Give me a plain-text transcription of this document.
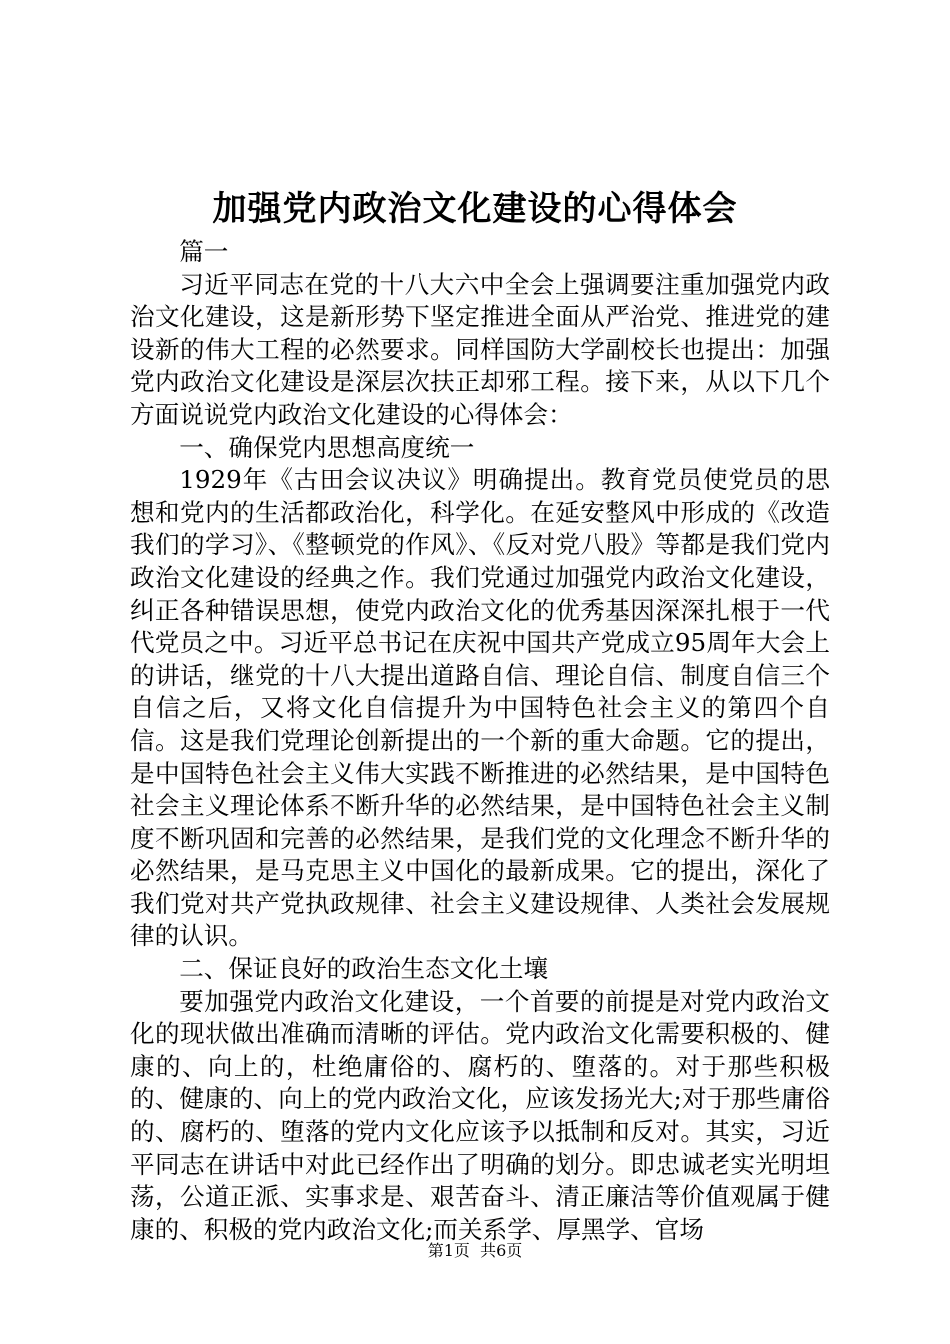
加强党内政治文化建设的心得体会

篇一

习近平同志在党的十八大六中全会上强调要注重加强党内政治文化建设，这是新形势下坚定推进全面从严治党、推进党的建设新的伟大工程的必然要求。同样国防大学副校长也提出：加强党内政治文化建设是深层次扶正却邪工程。接下来，从以下几个方面说说党内政治文化建设的心得体会：

一、确保党内思想高度统一

1929年《古田会议决议》明确提出。教育党员使党员的思想和党内的生活都政治化，科学化。在延安整风中形成的《改造我们的学习》、《整顿党的作风》、《反对党八股》等都是我们党内政治文化建设的经典之作。我们党通过加强党内政治文化建设，纠正各种错误思想，使党内政治文化的优秀基因深深扎根于一代代党员之中。习近平总书记在庆祝中国共产党成立95周年大会上的讲话，继党的十八大提出道路自信、理论自信、制度自信三个自信之后，又将文化自信提升为中国特色社会主义的第四个自信。这是我们党理论创新提出的一个新的重大命题。它的提出，是中国特色社会主义伟大实践不断推进的必然结果，是中国特色社会主义理论体系不断升华的必然结果，是中国特色社会主义制度不断巩固和完善的必然结果，是我们党的文化理念不断升华的必然结果，是马克思主义中国化的最新成果。它的提出，深化了我们党对共产党执政规律、社会主义建设规律、人类社会发展规律的认识。

二、保证良好的政治生态文化土壤

要加强党内政治文化建设，一个首要的前提是对党内政治文化的现状做出准确而清晰的评估。党内政治文化需要积极的、健康的、向上的，杜绝庸俗的、腐朽的、堕落的。对于那些积极的、健康的、向上的党内政治文化，应该发扬光大;对于那些庸俗的、腐朽的、堕落的党内文化应该予以抵制和反对。其实，习近平同志在讲话中对此已经作出了明确的划分。即忠诚老实光明坦荡，公道正派、实事求是、艰苦奋斗、清正廉洁等价值观属于健康的、积极的党内政治文化;而关系学、厚黑学、官场

第1页  共6页
